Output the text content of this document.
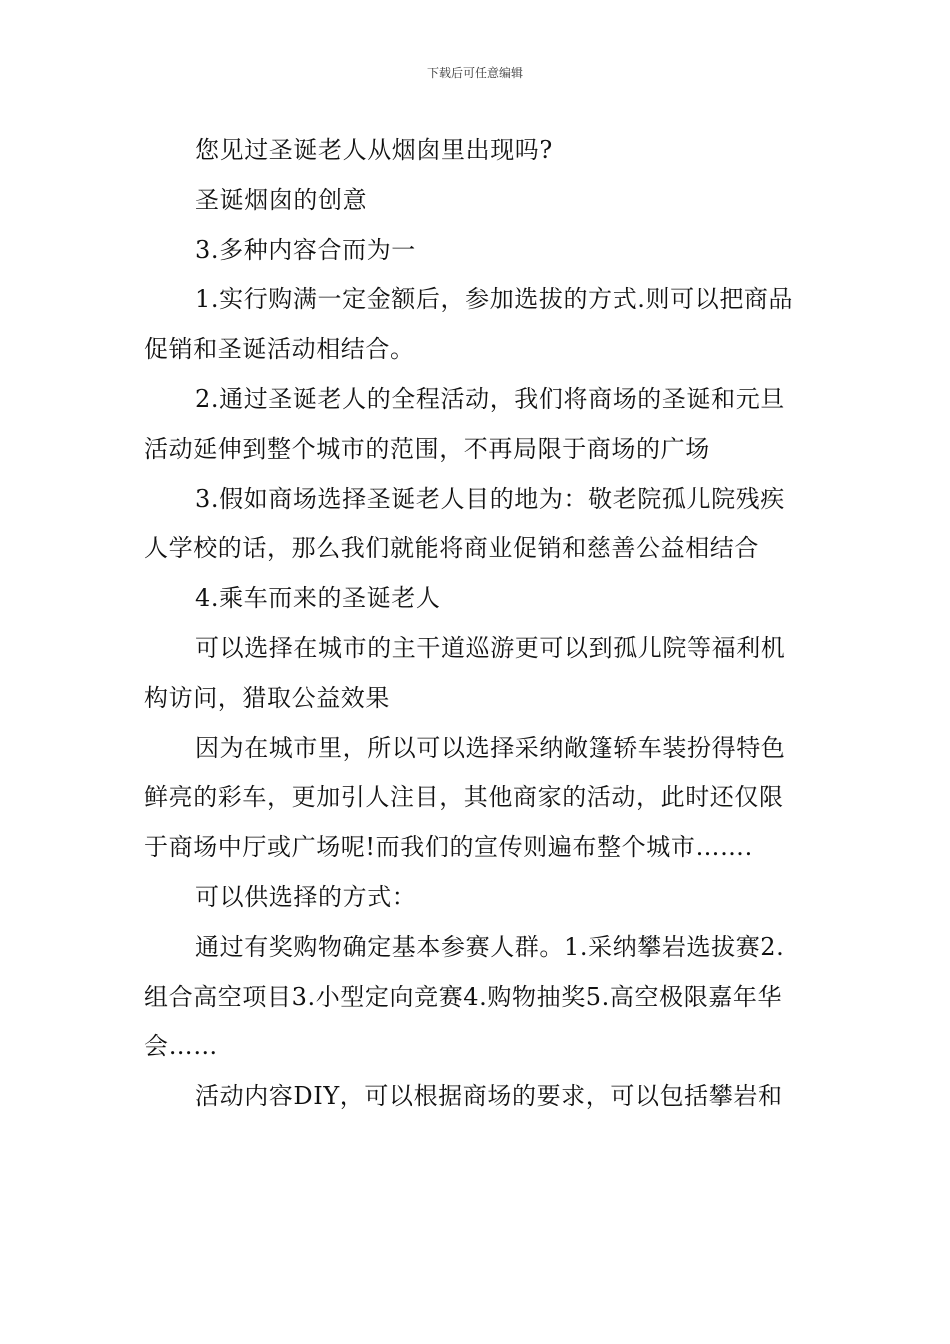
下载后可任意编辑

您见过圣诞老人从烟囱里出现吗?

圣诞烟囱的创意

3.多种内容合而为一

1.实行购满一定金额后，参加选拔的方式.则可以把商品促销和圣诞活动相结合。

2.通过圣诞老人的全程活动，我们将商场的圣诞和元旦活动延伸到整个城市的范围，不再局限于商场的广场

3.假如商场选择圣诞老人目的地为：敬老院孤儿院残疾人学校的话，那么我们就能将商业促销和慈善公益相结合

4.乘车而来的圣诞老人

可以选择在城市的主干道巡游更可以到孤儿院等福利机构访问，猎取公益效果

因为在城市里，所以可以选择采纳敞篷轿车装扮得特色鲜亮的彩车，更加引人注目，其他商家的活动，此时还仅限于商场中厅或广场呢!而我们的宣传则遍布整个城市…….

可以供选择的方式：

通过有奖购物确定基本参赛人群。1.采纳攀岩选拔赛2.组合高空项目3.小型定向竞赛4.购物抽奖5.高空极限嘉年华会……

活动内容DIY，可以根据商场的要求，可以包括攀岩和
